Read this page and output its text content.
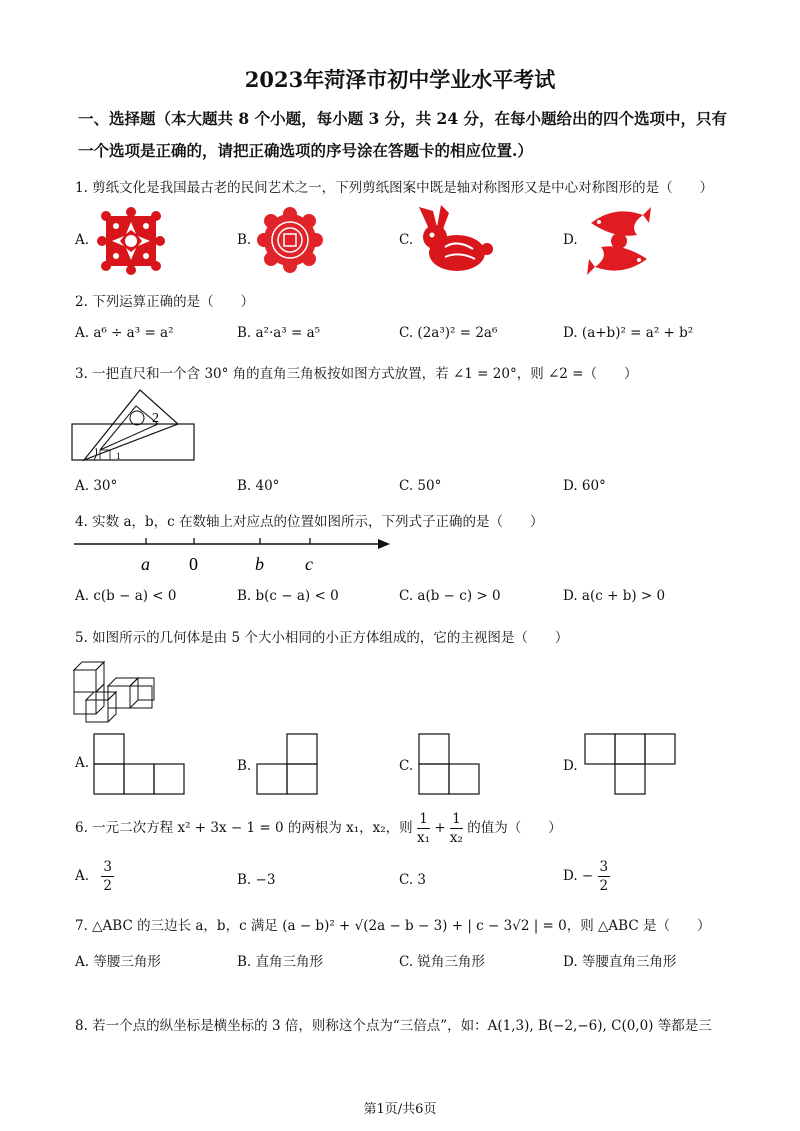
2023年菏泽市初中学业水平考试
一、选择题（本大题共 8 个小题，每小题 3 分，共 24 分，在每小题给出的四个选项中，只有一个选项是正确的，请把正确选项的序号涂在答题卡的相应位置.）
1. 剪纸文化是我国最古老的民间艺术之一，下列剪纸图案中既是轴对称图形又是中心对称图形的是（　　）
A.	B.	C.	D.
2. 下列运算正确的是（　　）
A. a⁶ ÷ a³ = a²	B. a²·a³ = a⁵	C. (2a³)² = 2a⁶	D. (a+b)² = a² + b²
3. 一把直尺和一个含 30° 角的直角三角板按如图方式放置，若 ∠1 = 20°，则 ∠2 =（　　）
2
1
A. 30°	B. 40°	C. 50°	D. 60°
4. 实数 a，b，c 在数轴上对应点的位置如图所示，下列式子正确的是（　　）
a 0	b c
A. c(b − a) < 0	B. b(c − a) < 0	C. a(b − c) > 0	D. a(c + b) > 0
5. 如图所示的几何体是由 5 个大小相同的小正方体组成的，它的主视图是（　　）
A.	B.	C.	D.
6. 一元二次方程 x² + 3x − 1 = 0 的两根为 x₁，x₂，则 $\frac{1}{\text{x₁}} + \frac{1}{\text{x₂}}$ 的值为（　　）
A. $\frac{3}{2}$	B. −3	C. 3	D. − $\frac{3}{2}$
7. △ABC 的三边长 a，b，c 满足 (a − b)² + √(2a − b − 3) + | c − 3√2 | = 0，则 △ABC 是（　　）
A. 等腰三角形	B. 直角三角形	C. 锐角三角形	D. 等腰直角三角形
8. 若一个点的纵坐标是横坐标的 3 倍，则称这个点为“三倍点”，如：A(1,3), B(−2,−6), C(0,0) 等都是三
第1页/共6页
